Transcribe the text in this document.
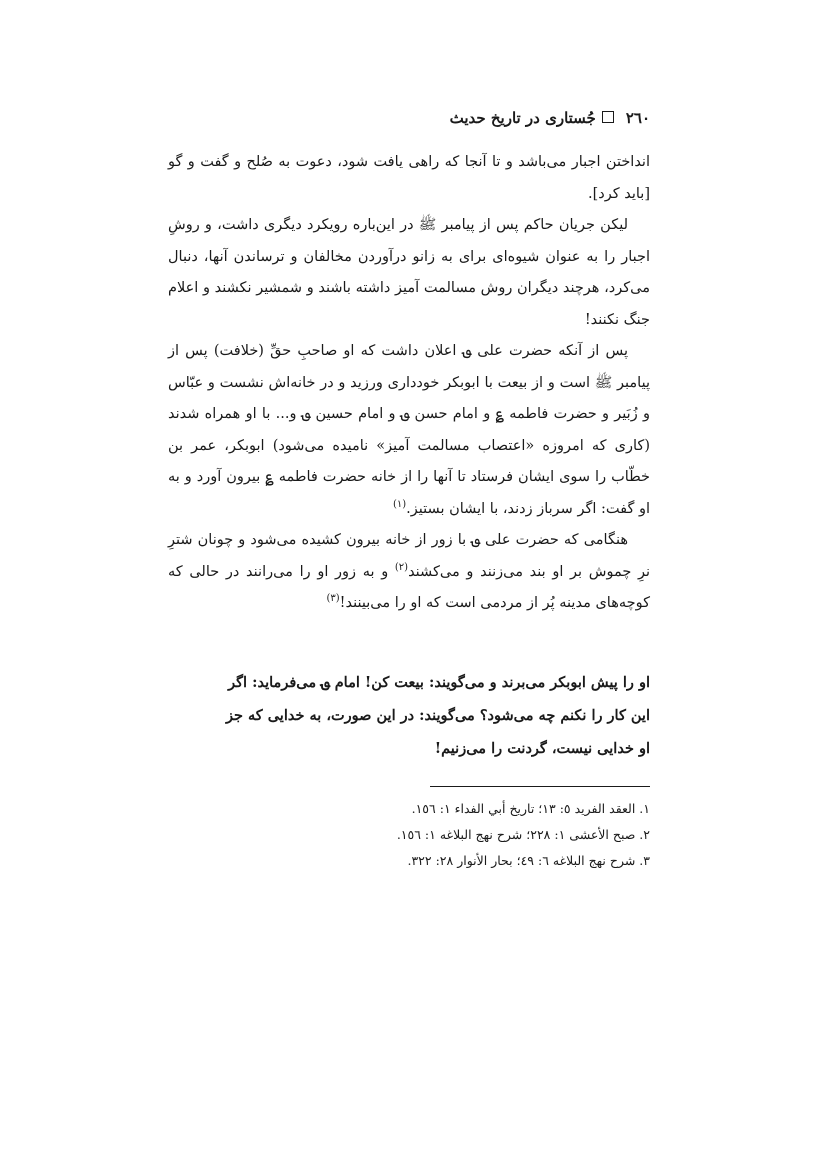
٢٦٠جُستاری در تاریخ حدیث

انداختن اجبار می‌باشد و تا آنجا که راهی یافت شود، دعوت به صُلح و گفت و گو [باید کرد].

لیکن جریان حاکم پس از پیامبر ﷺ در این‌باره رویکرد دیگری داشت، و روشِ اجبار را به عنوان شیوه‌ای برای به زانو درآوردن مخالفان و ترساندن آنها، دنبال می‌کرد، هرچند دیگران روش مسالمت آمیز داشته باشند و شمشیر نکشند و اعلام جنگ نکنند!

پس از آنکه حضرت علی ؈ اعلان داشت که او صاحبِ حقِّ (خلافت) پس از پیامبر ﷺ است و از بیعت با ابوبکر خودداری ورزید و در خانه‌اش نشست و عبّاس و زُبَیر و حضرت فاطمه ؏ و امام حسن ؈ و امام حسین ؈ و... با او همراه شدند (کاری که امروزه «اعتصاب مسالمت آمیز» نامیده می‌شود) ابوبکر، عمر بن خطّاب را سوی ایشان فرستاد تا آنها را از خانه حضرت فاطمه ؏ بیرون آورد و به او گفت: اگر سرباز زدند، با ایشان بستیز.$^{(١)}$

هنگامی که حضرت علی ؈ با زور از خانه بیرون کشیده می‌شود و چونان شترِ نرِ چموش بر او بند می‌زنند و می‌کشند$^{(٢)}$ و به زور او را می‌رانند در حالی که کوچه‌های مدینه پُر از مردمی است که او را می‌بینند!$^{(٣)}$

او را پیش ابوبکر می‌برند و می‌گویند: بیعت کن! امام ؈ می‌فرماید: اگر

این کار را نکنم چه می‌شود؟ می‌گویند: در این صورت، به خدایی که جز

او خدایی نیست، گردنت را می‌زنیم!

١. العقد الفريد ٥: ١٣؛ تاريخ أبي الفداء ١: ١٥٦.

٢. صبح الأعشى ١: ٢٢٨؛ شرح نهج البلاغه ١: ١٥٦.

٣. شرح نهج البلاغه ٦: ٤٩؛ بحار الأنوار ٢٨: ٣٢٢.
